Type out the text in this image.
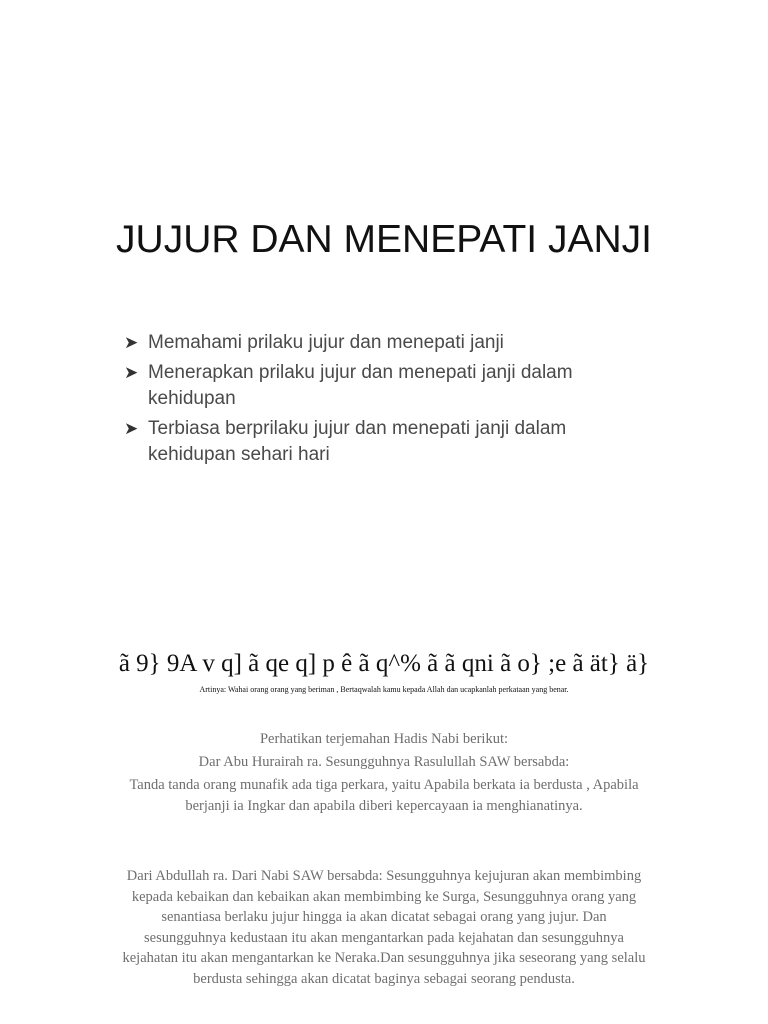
JUJUR DAN MENEPATI JANJI
➤ Memahami prilaku jujur dan menepati janji
➤ Menerapkan prilaku jujur dan menepati janji dalam kehidupan
➤ Terbiasa berprilaku jujur dan menepati janji dalam kehidupan sehari hari

ã 9} 9A v q] ã qe q] p ê ã q^% ã ã qni ã o} ;e ã ät} ä}

Artinya: Wahai orang orang yang beriman , Bertaqwalah kamu kepada Allah dan ucapkanlah perkataan yang benar.

Perhatikan terjemahan Hadis Nabi berikut:

Dar Abu Hurairah ra. Sesungguhnya Rasulullah SAW bersabda:

Tanda tanda orang munafik ada tiga perkara, yaitu Apabila berkata ia berdusta , Apabila berjanji ia Ingkar dan apabila diberi kepercayaan ia menghianatinya.

Dari Abdullah ra. Dari Nabi SAW bersabda: Sesungguhnya kejujuran akan membimbing kepada kebaikan dan kebaikan akan membimbing ke Surga, Sesungguhnya orang yang senantiasa berlaku jujur hingga ia akan dicatat sebagai orang yang jujur. Dan sesungguhnya kedustaan itu akan mengantarkan pada kejahatan dan sesungguhnya kejahatan itu akan mengantarkan ke Neraka.Dan sesungguhnya jika seseorang yang selalu berdusta sehingga akan dicatat baginya sebagai seorang pendusta.
